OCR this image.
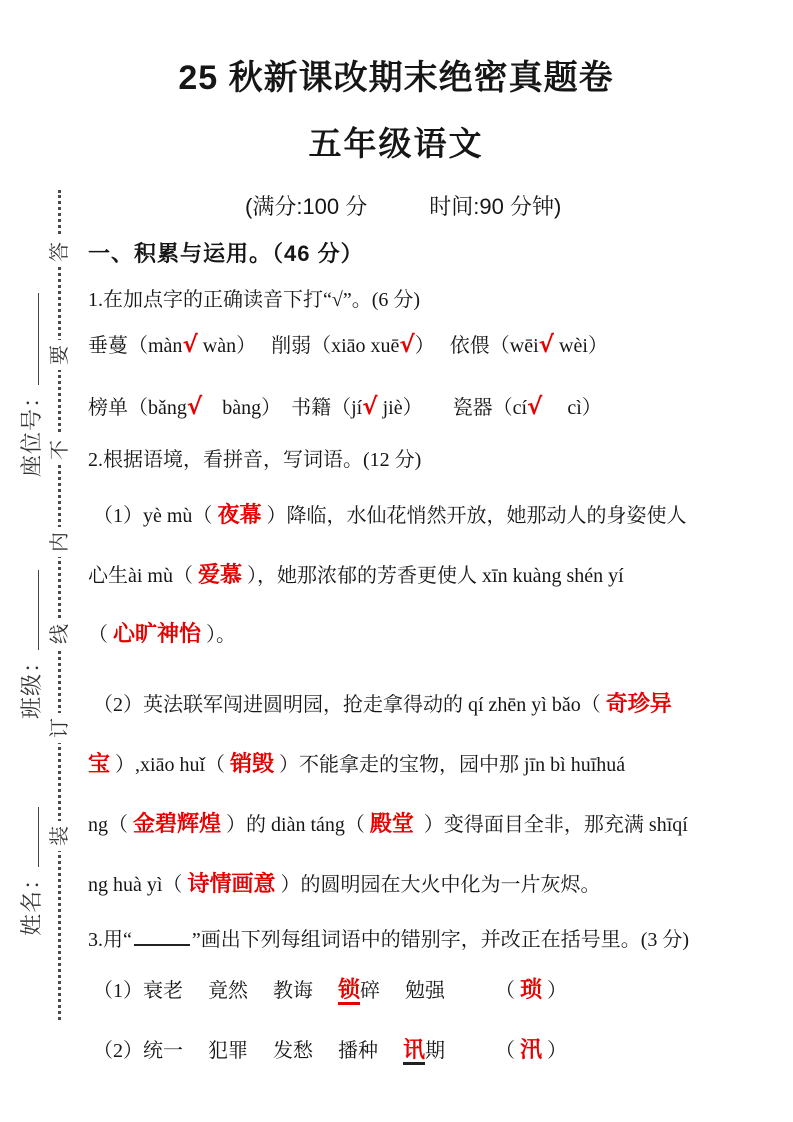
25 秋新课改期末绝密真题卷
五年级语文
(满分:100 分	时间:90 分钟)
答
要
不
内
线
订
装
座位号：
班级：
姓名：
一、积累与运用。（46 分）
1.在加点字的正确读音下打“√”。(6 分)
垂蔓（màn√ wàn）　 削弱（xiāo xuē√）　 依偎（wēi√ wèi）
榜单（bǎng√　bàng）　书籍（jí√ jiè）　　瓷器（cí√　 cì）
2.根据语境，看拼音，写词语。(12 分)
（1）yè mù（ 夜幕 ）降临，水仙花悄然开放，她那动人的身姿使人
心生ài mù（ 爱慕 ），她那浓郁的芳香更使人 xīn kuàng shén yí
（ 心旷神怡 ）。
（2）英法联军闯进圆明园，抢走拿得动的 qí zhēn yì bǎo（ 奇珍异
宝 ）,xiāo huǐ（ 销毁 ）不能拿走的宝物，园中那 jīn bì huīhuá
ng（ 金碧辉煌 ）的 diàn táng（ 殿堂  ）变得面目全非，那充满 shīqí
ng huà yì（ 诗情画意 ）的圆明园在大火中化为一片灰烬。
3.用“	”画出下列每组词语中的错别字，并改正在括号里。(3 分)
（1）衰老　 竟然　 教诲　 锁碎　 勉强　　　（ 琐 ）
（2）统一　 犯罪　 发愁　 播种　 讯期　　　（ 汛 ）
